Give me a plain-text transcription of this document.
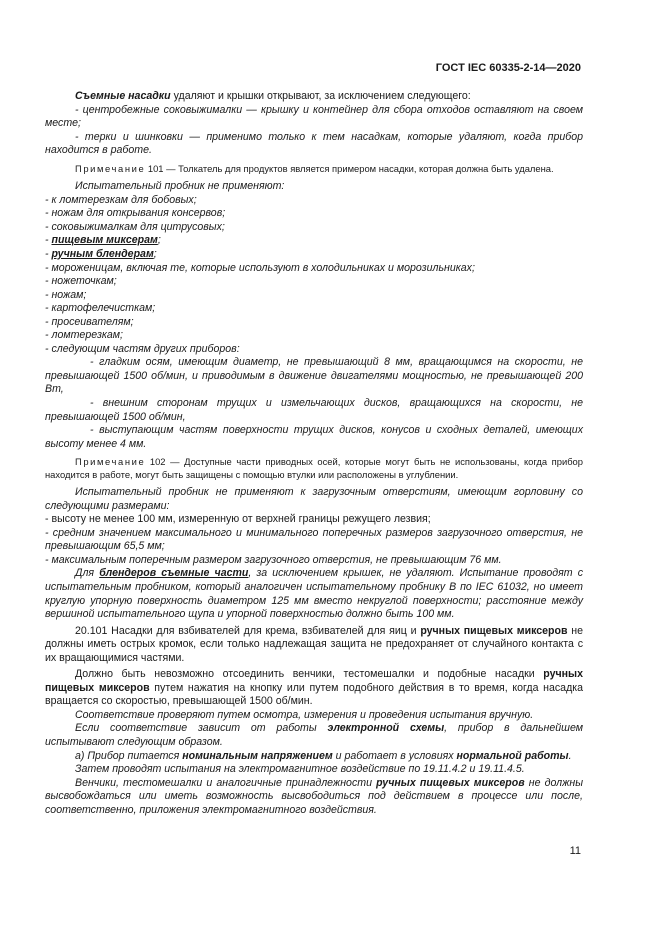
ГОСТ IEC 60335-2-14—2020

Съемные насадки удаляют и крышки открывают, за исключением следующего:

- центробежные соковыжималки — крышку и контейнер для сбора отходов оставляют на своем месте;

- терки и шинковки — применимо только к тем насадкам, которые удаляют, когда прибор находится в работе.

Примечание 101 — Толкатель для продуктов является примером насадки, которая должна быть удалена.

Испытательный пробник не применяют:

- к ломтерезкам для бобовых;

- ножам для открывания консервов;

- соковыжималкам для цитрусовых;

- пищевым миксерам;

- ручным блендерам;

- мороженицам, включая те, которые используют в холодильниках и морозильниках;

- ножеточкам;

- ножам;

- картофелечисткам;

- просеивателям;

- ломтерезкам;

- следующим частям других приборов:

- гладким осям, имеющим диаметр, не превышающий 8 мм, вращающимся на скорости, не превышающей 1500 об/мин, и приводимым в движение двигателями мощностью, не превышающей 200 Вт,

- внешним сторонам трущих и измельчающих дисков, вращающихся на скорости, не превышающей 1500 об/мин,

- выступающим частям поверхности трущих дисков, конусов и сходных деталей, имеющих высоту менее 4 мм.

Примечание 102 — Доступные части приводных осей, которые могут быть не использованы, когда прибор находится в работе, могут быть защищены с помощью втулки или расположены в углублении.

Испытательный пробник не применяют к загрузочным отверстиям, имеющим горловину со следующими размерами:

- высоту не менее 100 мм, измеренную от верхней границы режущего лезвия;

- средним значением максимального и минимального поперечных размеров загрузочного отверстия, не превышающим 65,5 мм;

- максимальным поперечным размером загрузочного отверстия, не превышающим 76 мм.

Для блендеров съемные части, за исключением крышек, не удаляют. Испытание проводят с испытательным пробником, который аналогичен испытательному пробнику B по IEC 61032, но имеет круглую упорную поверхность диаметром 125 мм вместо некруглой поверхности; расстояние между вершиной испытательного щупа и упорной поверхностью должно быть 100 мм.

20.101 Насадки для взбивателей для крема, взбивателей для яиц и ручных пищевых миксеров не должны иметь острых кромок, если только надлежащая защита не предохраняет от случайного контакта с их вращающимися частями.

Должно быть невозможно отсоединить венчики, тестомешалки и подобные насадки ручных пищевых миксеров путем нажатия на кнопку или путем подобного действия в то время, когда насадка вращается со скоростью, превышающей 1500 об/мин.

Соответствие проверяют путем осмотра, измерения и проведения испытания вручную.

Если соответствие зависит от работы электронной схемы, прибор в дальнейшем испытывают следующим образом.

а) Прибор питается номинальным напряжением и работает в условиях нормальной работы.

Затем проводят испытания на электромагнитное воздействие по 19.11.4.2 и 19.11.4.5.

Венчики, тестомешалки и аналогичные принадлежности ручных пищевых миксеров не должны высвобождаться или иметь возможность высвободиться под действием в процессе или после, соответственно, приложения электромагнитного воздействия.

11
